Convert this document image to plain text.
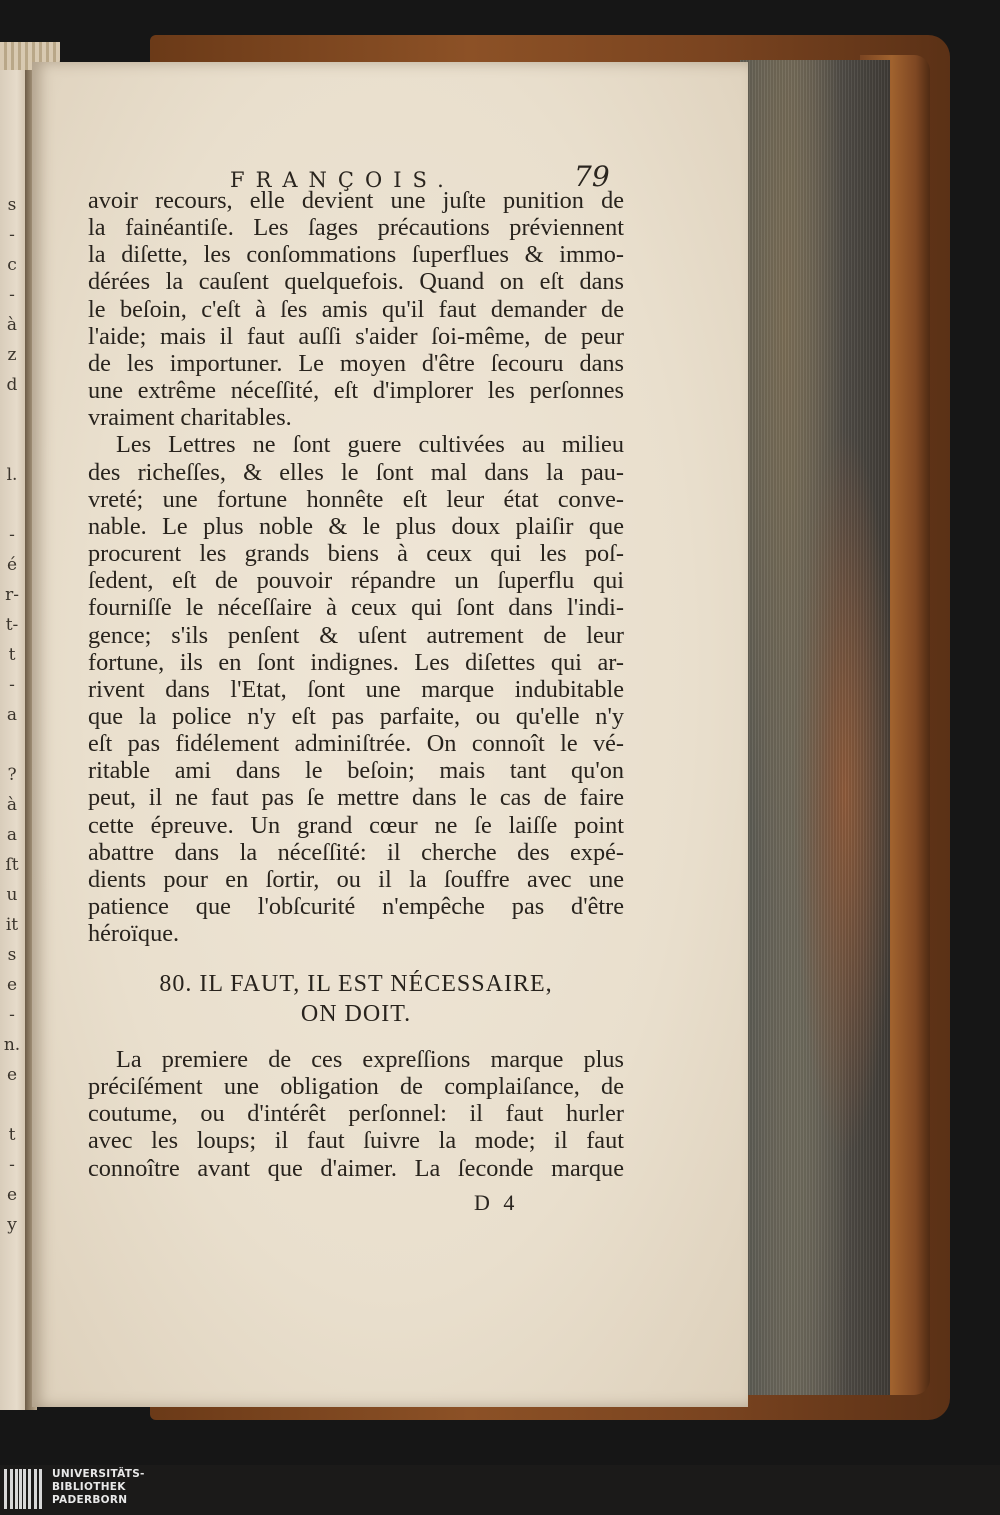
s
-
c
-
à
z
d
l.
-
é
r-
t-
t
-
a
?
à
a
ſt
u
it
s
e
-
n.
e
t
-
e
y
FRANÇOIS.	79
avoir recours, elle devient une juſte punition de
la fainéantiſe. Les ſages précautions préviennent
la diſette, les conſommations ſuperflues & immo-
dérées la cauſent quelquefois. Quand on eſt dans
le beſoin, c'eſt à ſes amis qu'il faut demander de
l'aide; mais il faut auſſi s'aider ſoi-même, de peur
de les importuner. Le moyen d'être ſecouru dans
une extrême néceſſité, eſt d'implorer les perſonnes
vraiment charitables.
Les Lettres ne ſont guere cultivées au milieu
des richeſſes, & elles le ſont mal dans la pau-
vreté; une fortune honnête eſt leur état conve-
nable. Le plus noble & le plus doux plaiſir que
procurent les grands biens à ceux qui les poſ-
ſedent, eſt de pouvoir répandre un ſuperflu qui
fourniſſe le néceſſaire à ceux qui ſont dans l'indi-
gence; s'ils penſent & uſent autrement de leur
fortune, ils en ſont indignes. Les diſettes qui ar-
rivent dans l'Etat, ſont une marque indubitable
que la police n'y eſt pas parfaite, ou qu'elle n'y
eſt pas fidélement adminiſtrée. On connoît le vé-
ritable ami dans le beſoin; mais tant qu'on
peut, il ne faut pas ſe mettre dans le cas de faire
cette épreuve. Un grand cœur ne ſe laiſſe point
abattre dans la néceſſité: il cherche des expé-
dients pour en ſortir, ou il la ſouffre avec une
patience que l'obſcurité n'empêche pas d'être
héroïque.
80. IL FAUT, IL EST NÉCESSAIRE,
ON DOIT.
La premiere de ces expreſſions marque plus
préciſément une obligation de complaiſance, de
coutume, ou d'intérêt perſonnel: il faut hurler
avec les loups; il faut ſuivre la mode; il faut
connoître avant que d'aimer. La ſeconde marque
D 4
UNIVERSITÄTS-
BIBLIOTHEK
PADERBORN
